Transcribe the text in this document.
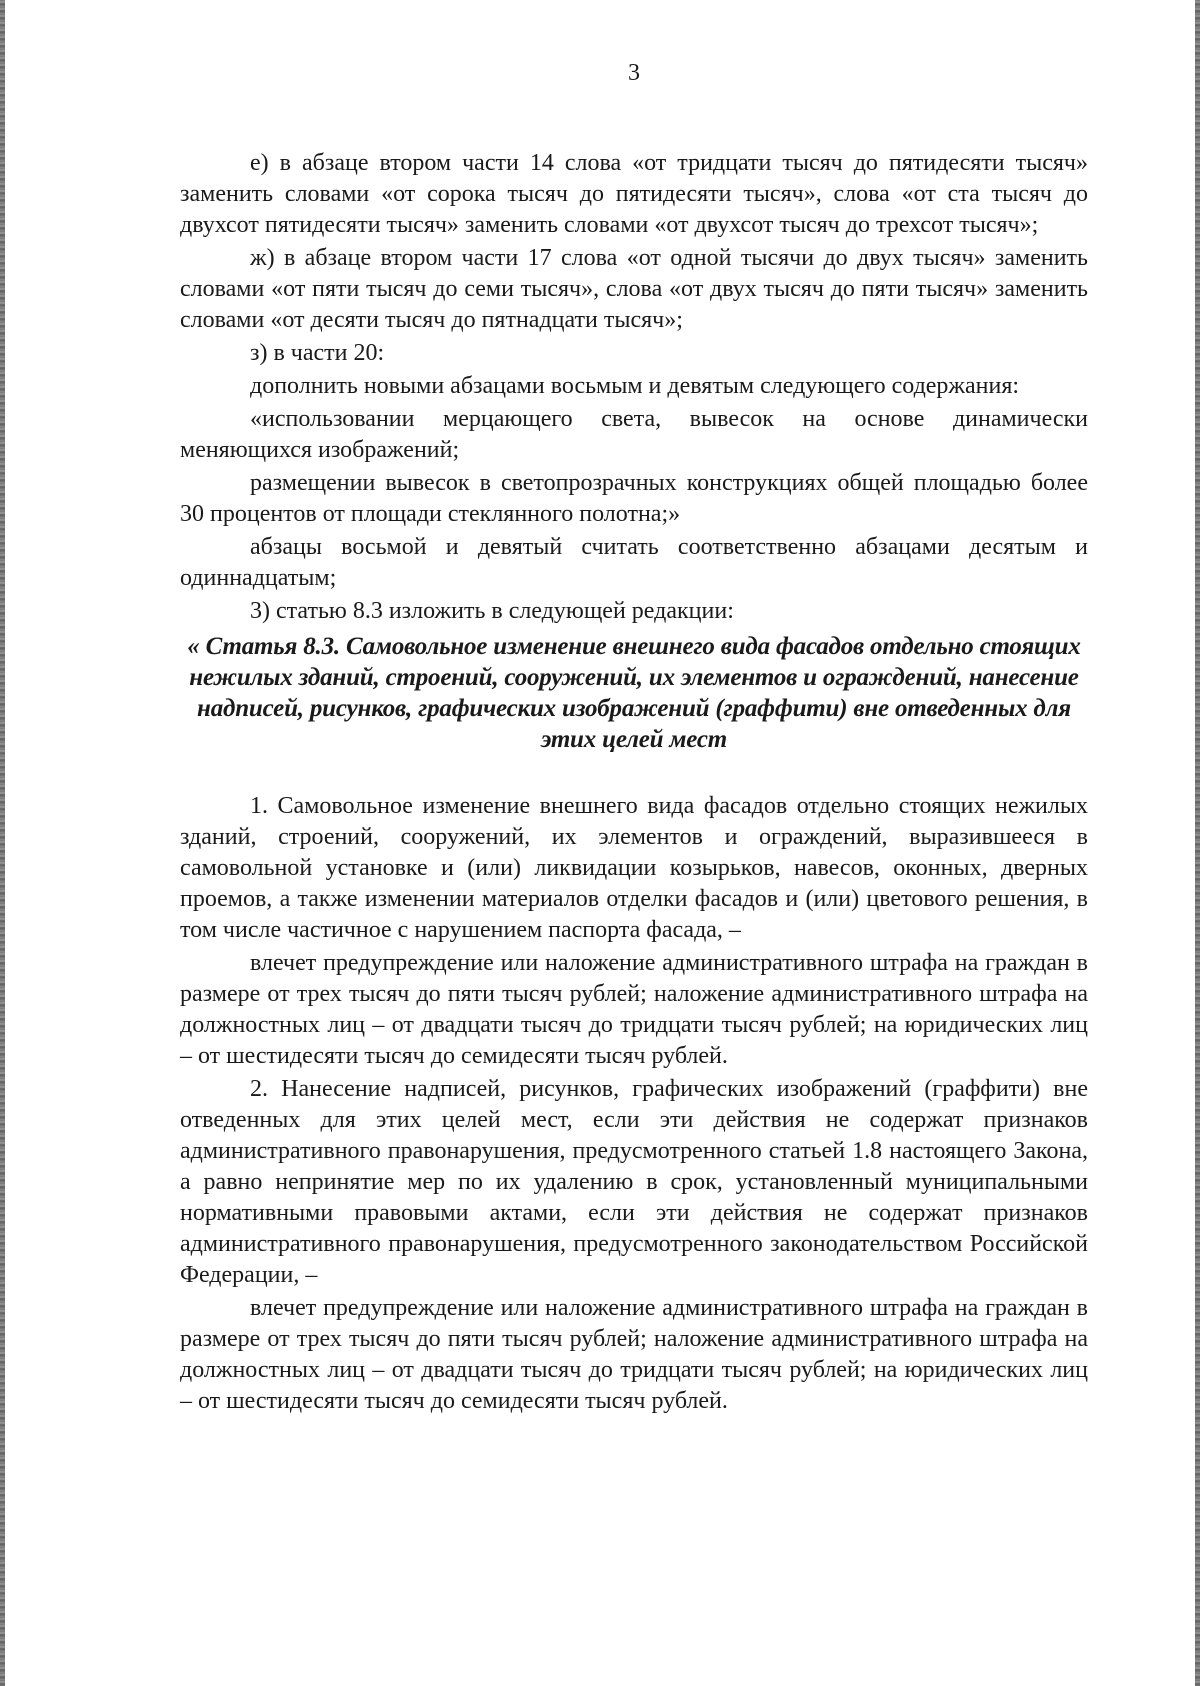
3

е) в абзаце втором части 14 слова «от тридцати тысяч до пятидесяти тысяч» заменить словами «от сорока тысяч до пятидесяти тысяч», слова «от ста тысяч до двухсот пятидесяти тысяч» заменить словами «от двухсот тысяч до трехсот тысяч»;

ж) в абзаце втором части 17 слова «от одной тысячи до двух тысяч» заменить словами «от пяти тысяч до семи тысяч», слова «от двух тысяч до пяти тысяч» заменить словами «от десяти тысяч до пятнадцати тысяч»;

з) в части 20:

дополнить новыми абзацами восьмым и девятым следующего содержания:

«использовании мерцающего света, вывесок на основе динамически меняющихся изображений;

размещении вывесок в светопрозрачных конструкциях общей площадью более 30 процентов от площади стеклянного полотна;»

абзацы восьмой и девятый считать соответственно абзацами десятым и одиннадцатым;

3) статью 8.3 изложить в следующей редакции:

« Статья 8.3. Самовольное изменение внешнего вида фасадов отдельно стоящих нежилых зданий, строений, сооружений, их элементов и ограждений, нанесение надписей, рисунков, графических изображений (граффити) вне отведенных для этих целей мест

1. Самовольное изменение внешнего вида фасадов отдельно стоящих нежилых зданий, строений, сооружений, их элементов и ограждений, выразившееся в самовольной установке и (или) ликвидации козырьков, навесов, оконных, дверных проемов, а также изменении материалов отделки фасадов и (или) цветового решения, в том числе частичное с нарушением паспорта фасада, –

влечет предупреждение или наложение административного штрафа на граждан в размере от трех тысяч до пяти тысяч рублей; наложение административного штрафа на должностных лиц – от двадцати тысяч до тридцати тысяч рублей; на юридических лиц – от шестидесяти тысяч до семидесяти тысяч рублей.

2. Нанесение надписей, рисунков, графических изображений (граффити) вне отведенных для этих целей мест, если эти действия не содержат признаков административного правонарушения, предусмотренного статьей 1.8 настоящего Закона, а равно непринятие мер по их удалению в срок, установленный муниципальными нормативными правовыми актами, если эти действия не содержат признаков административного правонарушения, предусмотренного законодательством Российской Федерации, –

влечет предупреждение или наложение административного штрафа на граждан в размере от трех тысяч до пяти тысяч рублей; наложение административного штрафа на должностных лиц – от двадцати тысяч до тридцати тысяч рублей; на юридических лиц – от шестидесяти тысяч до семидесяти тысяч рублей.
